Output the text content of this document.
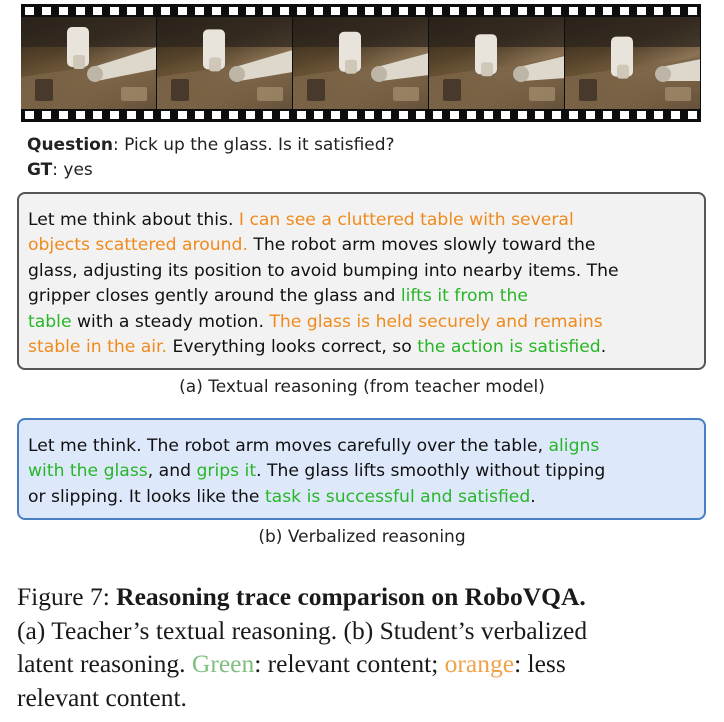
Question: Pick up the glass. Is it satisfied?
GT: yes
Let me think about this. I can see a cluttered table with several
objects scattered around. The robot arm moves slowly toward the
glass, adjusting its position to avoid bumping into nearby items. The
gripper closes gently around the glass and lifts it from the
table with a steady motion. The glass is held securely and remains
stable in the air. Everything looks correct, so the action is satisfied.
(a) Textual reasoning (from teacher model)
Let me think. The robot arm moves carefully over the table, aligns
with the glass, and grips it. The glass lifts smoothly without tipping
or slipping. It looks like the task is successful and satisfied.
(b) Verbalized reasoning
Figure 7: Reasoning trace comparison on RoboVQA.
(a) Teacher’s textual reasoning. (b) Student’s verbalized
latent reasoning. Green: relevant content; orange: less
relevant content.
